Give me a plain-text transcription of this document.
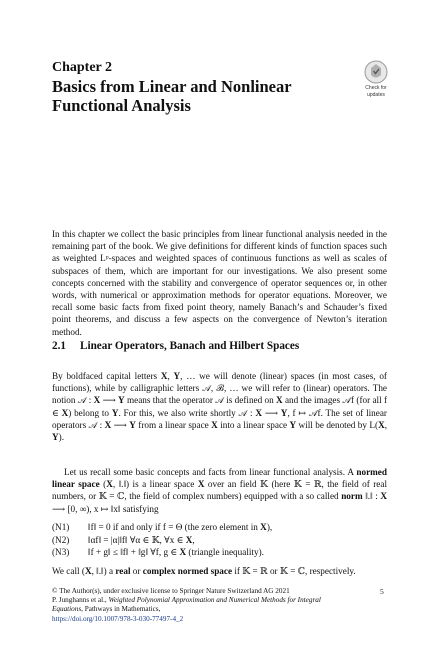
Chapter 2
Basics from Linear and Nonlinear Functional Analysis
Check for
updates

In this chapter we collect the basic principles from linear functional analysis needed in the remaining part of the book. We give definitions for different kinds of function spaces such as weighted Lᵖ-spaces and weighted spaces of continuous functions as well as scales of subspaces of them, which are important for our investigations. We also present some concepts concerned with the stability and convergence of operator sequences or, in other words, with numerical or approximation methods for operator equations. Moreover, we recall some basic facts from fixed point theory, namely Banach’s and Schauder’s fixed point theorems, and discuss a few aspects on the convergence of Newton’s iteration method.

2.1 Linear Operators, Banach and Hilbert Spaces

By boldfaced capital letters X, Y, … we will denote (linear) spaces (in most cases, of functions), while by calligraphic letters 𝒜, ℬ, … we will refer to (linear) operators. The notion 𝒜 : X ⟶ Y means that the operator 𝒜 is defined on X and the images 𝒜f (for all f ∈ X) belong to Y. For this, we also write shortly 𝒜 : X ⟶ Y, f ↦ 𝒜f. The set of linear operators 𝒜 : X ⟶ Y from a linear space X into a linear space Y will be denoted by L(X, Y).

Let us recall some basic concepts and facts from linear functional analysis. A normed linear space (X, ‖.‖) is a linear space X over an field 𝕂 (here 𝕂 = ℝ, the field of real numbers, or 𝕂 = ℂ, the field of complex numbers) equipped with a so called norm ‖.‖ : X ⟶ [0, ∞), x ↦ ‖x‖ satisfying

(N1) ‖f‖ = 0 if and only if f = Θ (the zero element in X),
(N2) ‖αf‖ = |α|‖f‖ ∀α ∈ 𝕂, ∀x ∈ X,
(N3) ‖f + g‖ ≤ ‖f‖ + ‖g‖ ∀f, g ∈ X (triangle inequality).

We call (X, ‖.‖) a real or complex normed space if 𝕂 = ℝ or 𝕂 = ℂ, respectively.

© The Author(s), under exclusive license to Springer Nature Switzerland AG 2021
P. Junghanns et al., Weighted Polynomial Approximation and Numerical Methods for Integral Equations, Pathways in Mathematics,
https://doi.org/10.1007/978-3-030-77497-4_2
5
